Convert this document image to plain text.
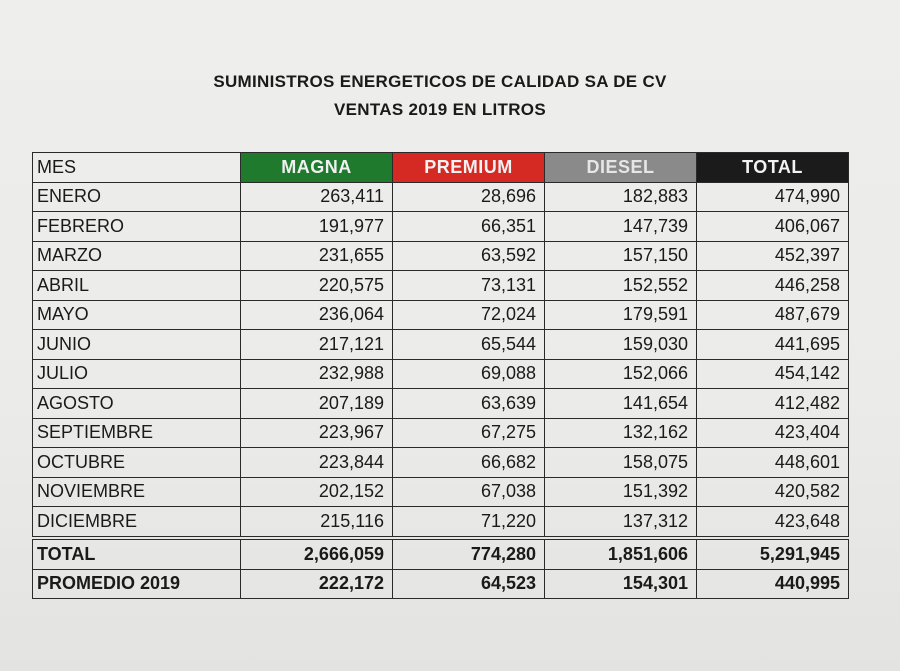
SUMINISTROS ENERGETICOS DE CALIDAD SA DE CV
VENTAS 2019 EN LITROS
MES	MAGNA	PREMIUM	DIESEL	TOTAL
ENERO	263,411	28,696	182,883	474,990
FEBRERO	191,977	66,351	147,739	406,067
MARZO	231,655	63,592	157,150	452,397
ABRIL	220,575	73,131	152,552	446,258
MAYO	236,064	72,024	179,591	487,679
JUNIO	217,121	65,544	159,030	441,695
JULIO	232,988	69,088	152,066	454,142
AGOSTO	207,189	63,639	141,654	412,482
SEPTIEMBRE	223,967	67,275	132,162	423,404
OCTUBRE	223,844	66,682	158,075	448,601
NOVIEMBRE	202,152	67,038	151,392	420,582
DICIEMBRE	215,116	71,220	137,312	423,648
TOTAL	2,666,059	774,280	1,851,606	5,291,945
PROMEDIO 2019	222,172	64,523	154,301	440,995
